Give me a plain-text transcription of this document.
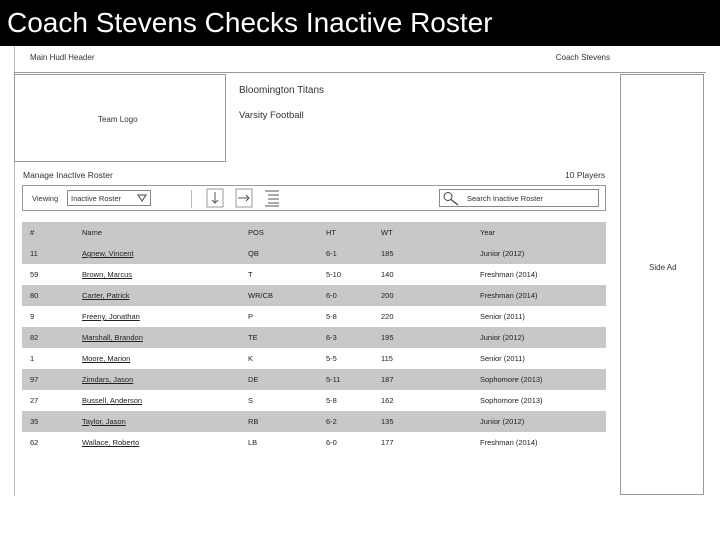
Coach Stevens Checks Inactive Roster
Main Hudl Header	Coach Stevens
Side Ad
Team Logo
Bloomington Titans
Varsity Football
Manage Inactive Roster	10 Players
Viewing Inactive Roster	Search Inactive Roster
#	Name	POS	HT	WT	Year
11	Agnew, Vincent	QB	6-1	185	Junior (2012)
59	Brown, Marcus	T	5-10	140	Freshman (2014)
80	Carter, Patrick	WR/CB	6-0	200	Freshman (2014)
9	Freeny, Jonathan	P	5-8	220	Senior (2011)
82	Marshall, Brandon	TE	6-3	195	Junior (2012)
1	Moore, Marion	K	5-5	115	Senior (2011)
97	Zimdars, Jason	DE	5-11	187	Sophomore (2013)
27	Bussell, Anderson	S	5-8	162	Sophomore (2013)
35	Taylor, Jason	RB	6-2	135	Junior (2012)
62	Wallace, Roberto	LB	6-0	177	Freshman (2014)
